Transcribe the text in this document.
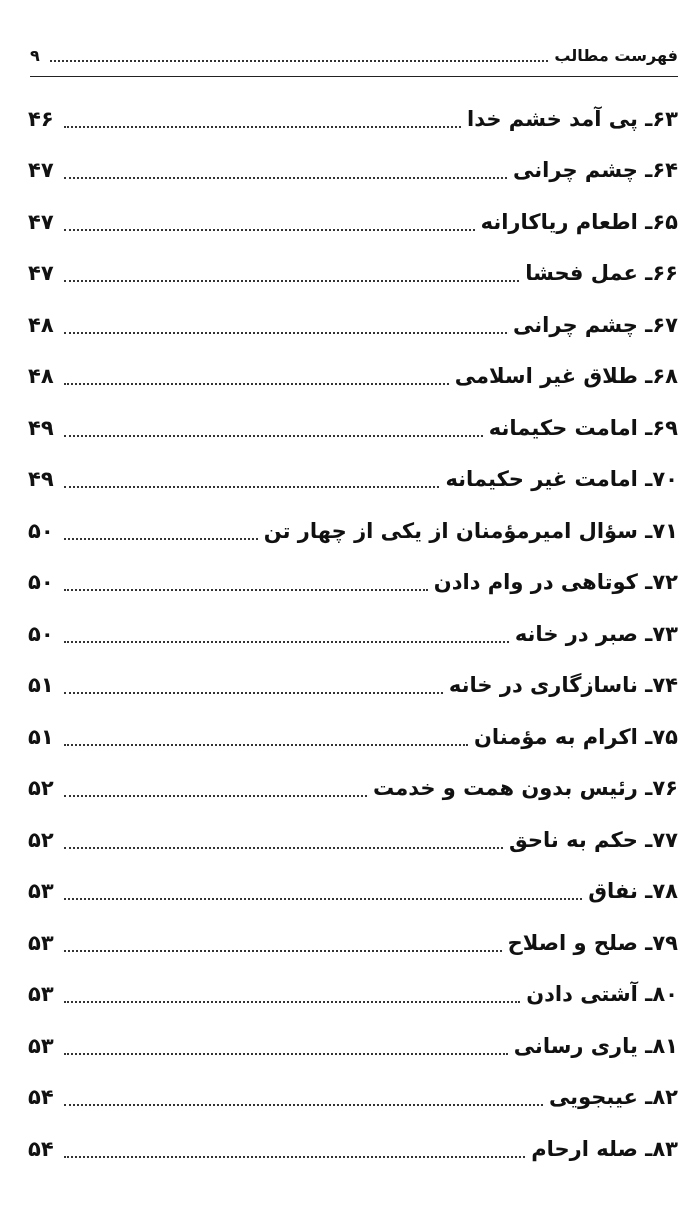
فهرست مطالب
۹
۶۳ـ پی آمد خشم خدا
۴۶
۶۴ـ چشم چرانی
۴۷
۶۵ـ اطعام ریاکارانه
۴۷
۶۶ـ عمل فحشا
۴۷
۶۷ـ چشم چرانی
۴۸
۶۸ـ طلاق غیر اسلامی
۴۸
۶۹ـ امامت حکیمانه
۴۹
۷۰ـ امامت غیر حکیمانه
۴۹
۷۱ـ سؤال امیرمؤمنان از یکی از چهار تن
۵۰
۷۲ـ کوتاهی در وام دادن
۵۰
۷۳ـ صبر در خانه
۵۰
۷۴ـ ناسازگاری در خانه
۵۱
۷۵ـ اکرام به مؤمنان
۵۱
۷۶ـ رئیس بدون همت و خدمت
۵۲
۷۷ـ حکم به ناحق
۵۲
۷۸ـ نفاق
۵۳
۷۹ـ صلح و اصلاح
۵۳
۸۰ـ آشتی دادن
۵۳
۸۱ـ یاری رسانی
۵۳
۸۲ـ عیبجویی
۵۴
۸۳ـ صله ارحام
۵۴
